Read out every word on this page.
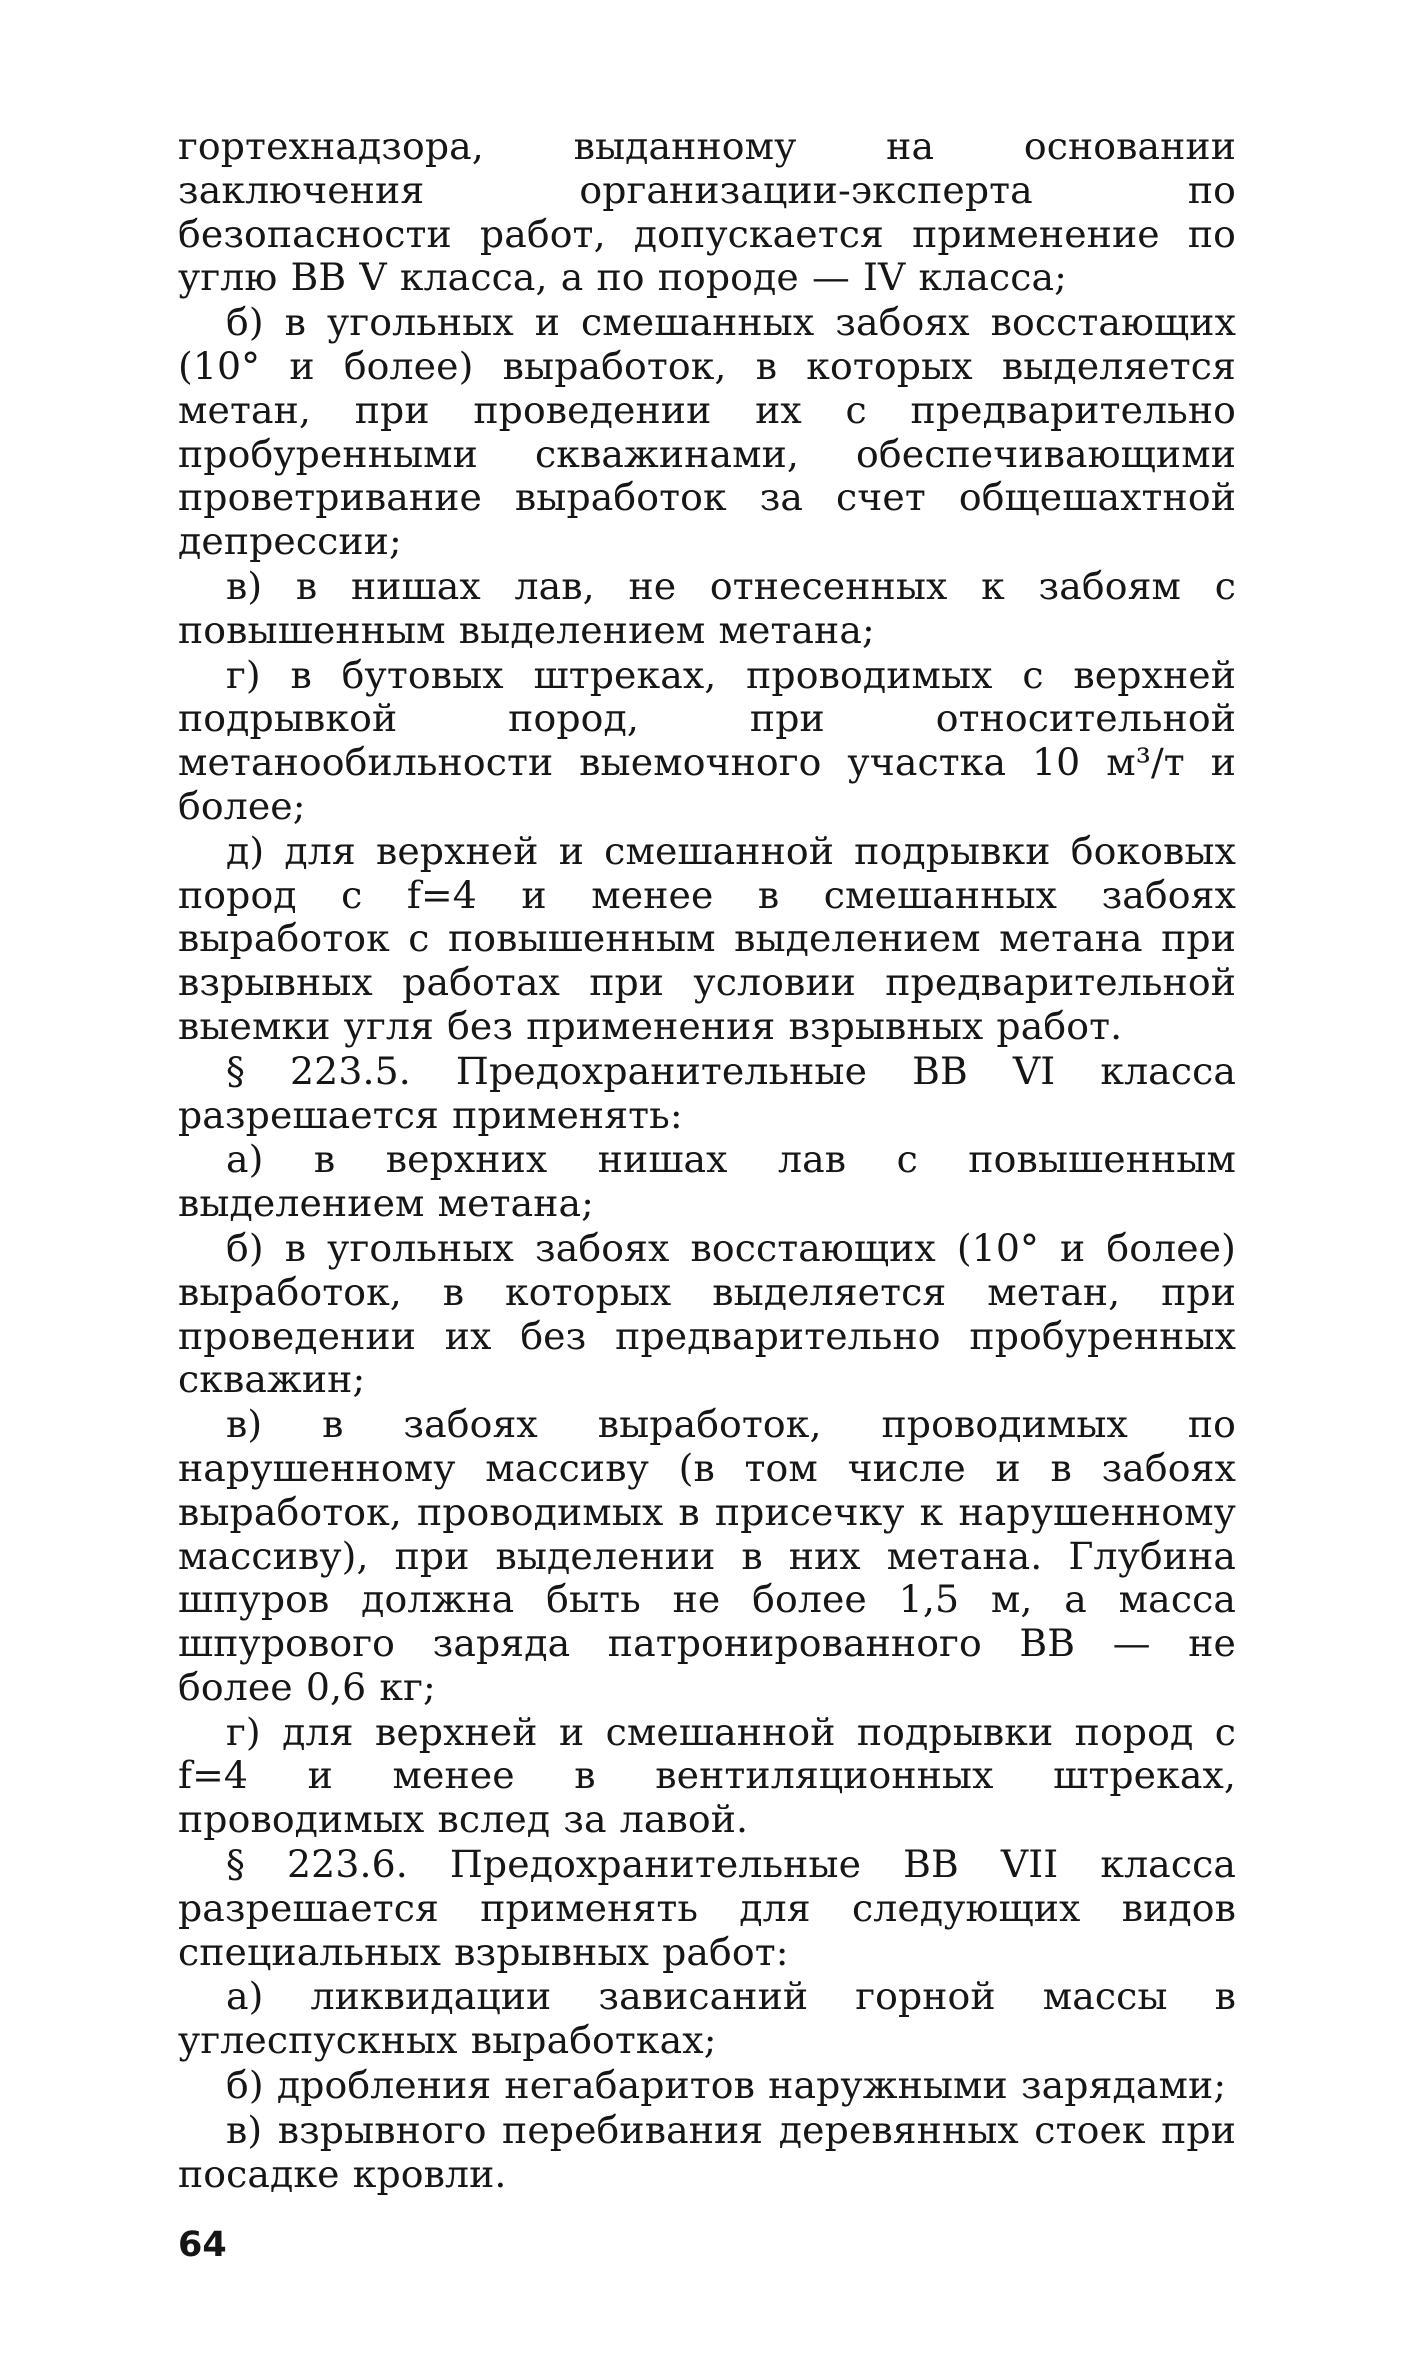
гортехнадзора, выданному на основании заключения организации-эксперта по безопасности работ, допускается применение по углю ВВ V класса, а по породе — IV класса;

б) в угольных и смешанных забоях восстающих (10° и более) выработок, в которых выделяется метан, при проведении их с предварительно пробуренными скважинами, обеспечивающими проветривание выработок за счет общешахтной депрессии;

в) в нишах лав, не отнесенных к забоям с повышенным выделением метана;

г) в бутовых штреках, проводимых с верхней подрывкой пород, при относительной метанообильности выемочного участка 10 м³/т и более;

д) для верхней и смешанной подрывки боковых пород с f=4 и менее в смешанных забоях выработок с повышенным выделением метана при взрывных работах при условии предварительной выемки угля без применения взрывных работ.

§ 223.5. Предохранительные ВВ VI класса разрешается применять:

а) в верхних нишах лав с повышенным выделением метана;

б) в угольных забоях восстающих (10° и более) выработок, в которых выделяется метан, при проведении их без предварительно пробуренных скважин;

в) в забоях выработок, проводимых по нарушенному массиву (в том числе и в забоях выработок, проводимых в присечку к нарушенному массиву), при выделении в них метана. Глубина шпуров должна быть не более 1,5 м, а масса шпурового заряда патронированного ВВ — не более 0,6 кг;

г) для верхней и смешанной подрывки пород с f=4 и менее в вентиляционных штреках, проводимых вслед за лавой.

§ 223.6. Предохранительные ВВ VII класса разрешается применять для следующих видов специальных взрывных работ:

а) ликвидации зависаний горной массы в углеспускных выработках;

б) дробления негабаритов наружными зарядами;

в) взрывного перебивания деревянных стоек при посадке кровли.

64
